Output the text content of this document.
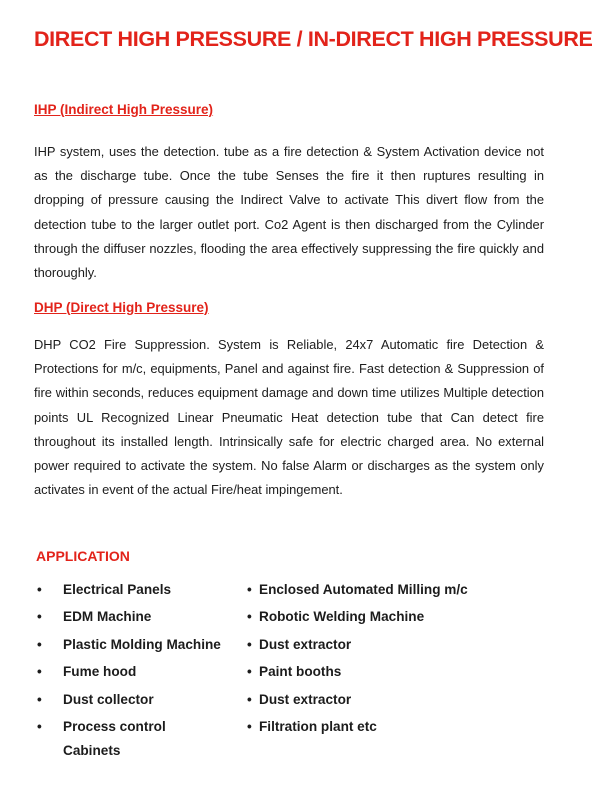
DIRECT HIGH PRESSURE / IN-DIRECT HIGH PRESSURE
IHP (Indirect High Pressure)

IHP system, uses the detection. tube as a fire detection & System Activation device not as the discharge tube. Once the tube Senses the fire it then ruptures resulting in dropping of pressure causing the Indirect Valve to activate This divert flow from the detection tube to the larger outlet port. Co2 Agent is then discharged from the Cylinder through the diffuser nozzles, flooding the area effectively suppressing the fire quickly and thoroughly.

DHP (Direct High Pressure)

DHP CO2 Fire Suppression. System is Reliable, 24x7 Automatic fire Detection & Protections for m/c, equipments, Panel and against fire. Fast detection & Suppression of fire within seconds, reduces equipment damage and down time utilizes Multiple detection points UL Recognized Linear Pneumatic Heat detection tube that Can detect fire throughout its installed length. Intrinsically safe for electric charged area. No external power required to activate the system. No false Alarm or discharges as the system only activates in event of the actual Fire/heat impingement.

APPLICATION
• Electrical Panels
• EDM Machine
• Plastic Molding Machine
• Fume hood
• Dust collector
• Process control Cabinets
• Enclosed Automated Milling m/c
• Robotic Welding Machine
• Dust extractor
• Paint booths
• Dust extractor
• Filtration plant etc
